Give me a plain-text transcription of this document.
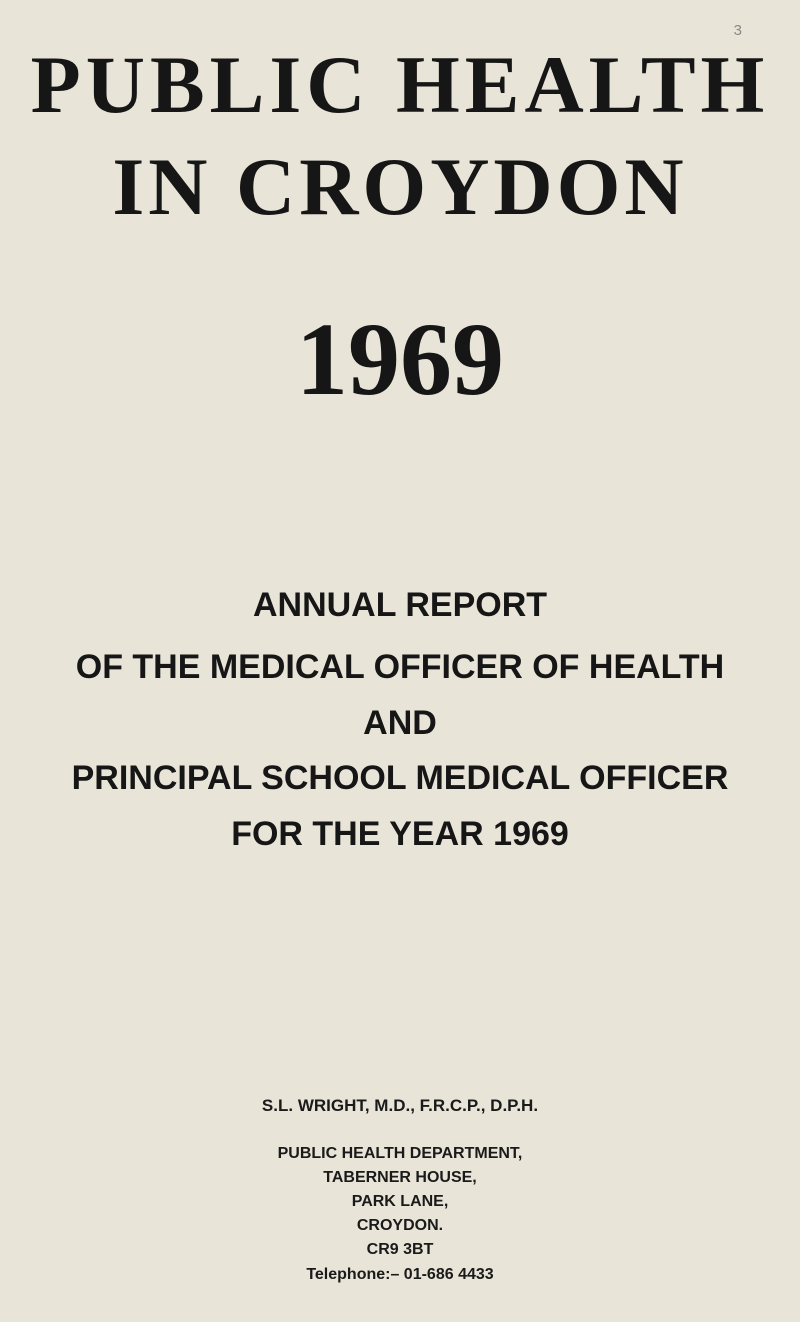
3
PUBLIC HEALTH
IN CROYDON
1969
ANNUAL REPORT
OF THE MEDICAL OFFICER OF HEALTH
AND
PRINCIPAL SCHOOL MEDICAL OFFICER
FOR THE YEAR 1969
S.L. WRIGHT, M.D., F.R.C.P., D.P.H.
PUBLIC HEALTH DEPARTMENT,
TABERNER HOUSE,
PARK LANE,
CROYDON.
CR9 3BT
Telephone:– 01-686 4433
